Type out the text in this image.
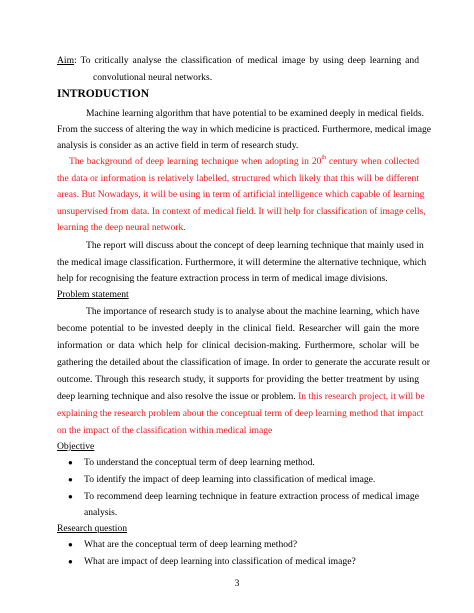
Aim: To critically analyse the classification of medical image by using deep learning and
convolutional neural networks.
INTRODUCTION
Machine learning algorithm that have potential to be examined deeply in medical fields.
From the success of altering the way in which medicine is practiced. Furthermore, medical image
analysis is consider as an active field in term of research study.
The background of deep learning technique when adopting in 20th century when collected
the data or information is relatively labelled, structured which likely that this will be different
areas. But Nowadays, it will be using in term of artificial intelligence which capable of learning
unsupervised from data. In context of medical field. It will help for classification of image cells,
learning the deep neural network.
The report will discuss about the concept of deep learning technique that mainly used in
the medical image classification. Furthermore, it will determine the alternative technique, which
help for recognising the feature extraction process in term of medical image divisions.
Problem statement
The importance of research study is to analyse about the machine learning, which have
become potential to be invested deeply in the clinical field. Researcher will gain the more
information or data which help for clinical decision-making. Furthermore, scholar will be
gathering the detailed about the classification of image. In order to generate the accurate result or
outcome. Through this research study, it supports for providing the better treatment by using
deep learning technique and also resolve the issue or problem. In this research project, it will be
explaining the research problem about the conceptual term of deep learning method that impact
on the impact of the classification within medical image
Objective
● To understand the conceptual term of deep learning method.
● To identify the impact of deep learning into classification of medical image.
● To recommend deep learning technique in feature extraction process of medical image
analysis.
Research question
● What are the conceptual term of deep learning method?
● What are impact of deep learning into classification of medical image?
3
